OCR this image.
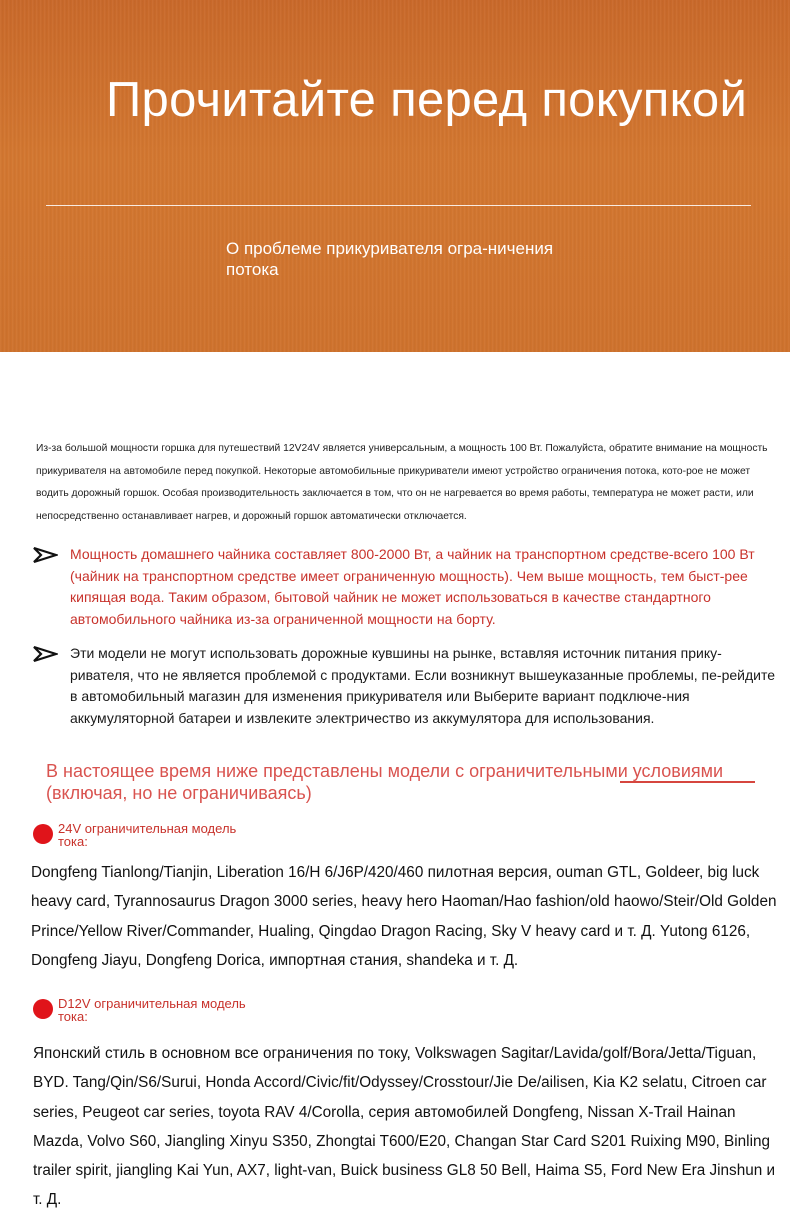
Прочитайте перед покупкой
О проблеме прикуривателя огра-ничения потока
Из-за большой мощности горшка для путешествий 12V24V является универсальным, а мощность 100 Вт. Пожалуйста, обратите внимание на мощность прикуривателя на автомобиле перед покупкой. Некоторые автомобильные прикуриватели имеют устройство ограничения потока, кото-рое не может водить дорожный горшок. Особая производительность заключается в том, что он не нагревается во время работы, температура не может расти, или непосредственно останавливает нагрев, и дорожный горшок автоматически отключается.
Мощность домашнего чайника составляет 800-2000 Вт, а чайник на транспортном средстве-всего 100 Вт (чайник на транспортном средстве имеет ограниченную мощность). Чем выше мощность, тем быст-рее кипящая вода. Таким образом, бытовой чайник не может использоваться в качестве стандартного автомобильного чайника из-за ограниченной мощности на борту.
Эти модели не могут использовать дорожные кувшины на рынке, вставляя источник питания прику-ривателя, что не является проблемой с продуктами. Если возникнут вышеуказанные проблемы, пе-рейдите в автомобильный магазин для изменения прикуривателя или Выберите вариант подключе-ния аккумуляторной батареи и извлеките электричество из аккумулятора для использования.
В настоящее время ниже представлены модели с ограничительными условиями (включая, но не ограничиваясь)
24V ограничительная модель тока:
Dongfeng Tianlong/Tianjin, Liberation 16/H 6/J6P/420/460 пилотная версия, ouman GTL, Goldeer, big luck heavy card, Tyrannosaurus Dragon 3000 series, heavy hero Haoman/Hao fashion/old haowo/Steir/Old Golden Prince/Yellow River/Commander, Hualing, Qingdao Dragon Racing, Sky V heavy card и т. Д. Yutong 6126, Dongfeng Jiayu, Dongfeng Dorica, импортная стания, shandeka и т. Д.
D12V ограничительная модель тока:
Японский стиль в основном все ограничения по току, Volkswagen Sagitar/Lavida/golf/Bora/Jetta/Tiguan, BYD. Tang/Qin/S6/Surui, Honda Accord/Civic/fit/Odyssey/Crosstour/Jie De/ailisen, Kia K2 selatu, Citroen car series, Peugeot car series, toyota RAV 4/Corolla, серия автомобилей Dongfeng, Nissan X-Trail Hainan Mazda, Volvo S60, Jiangling Xinyu S350, Zhongtai T600/E20, Changan Star Card S201 Ruixing M90, Binling trailer spirit, jiangling Kai Yun, AX7, light-van, Buick business GL8 50 Bell, Haima S5, Ford New Era Jinshun и т. Д.
